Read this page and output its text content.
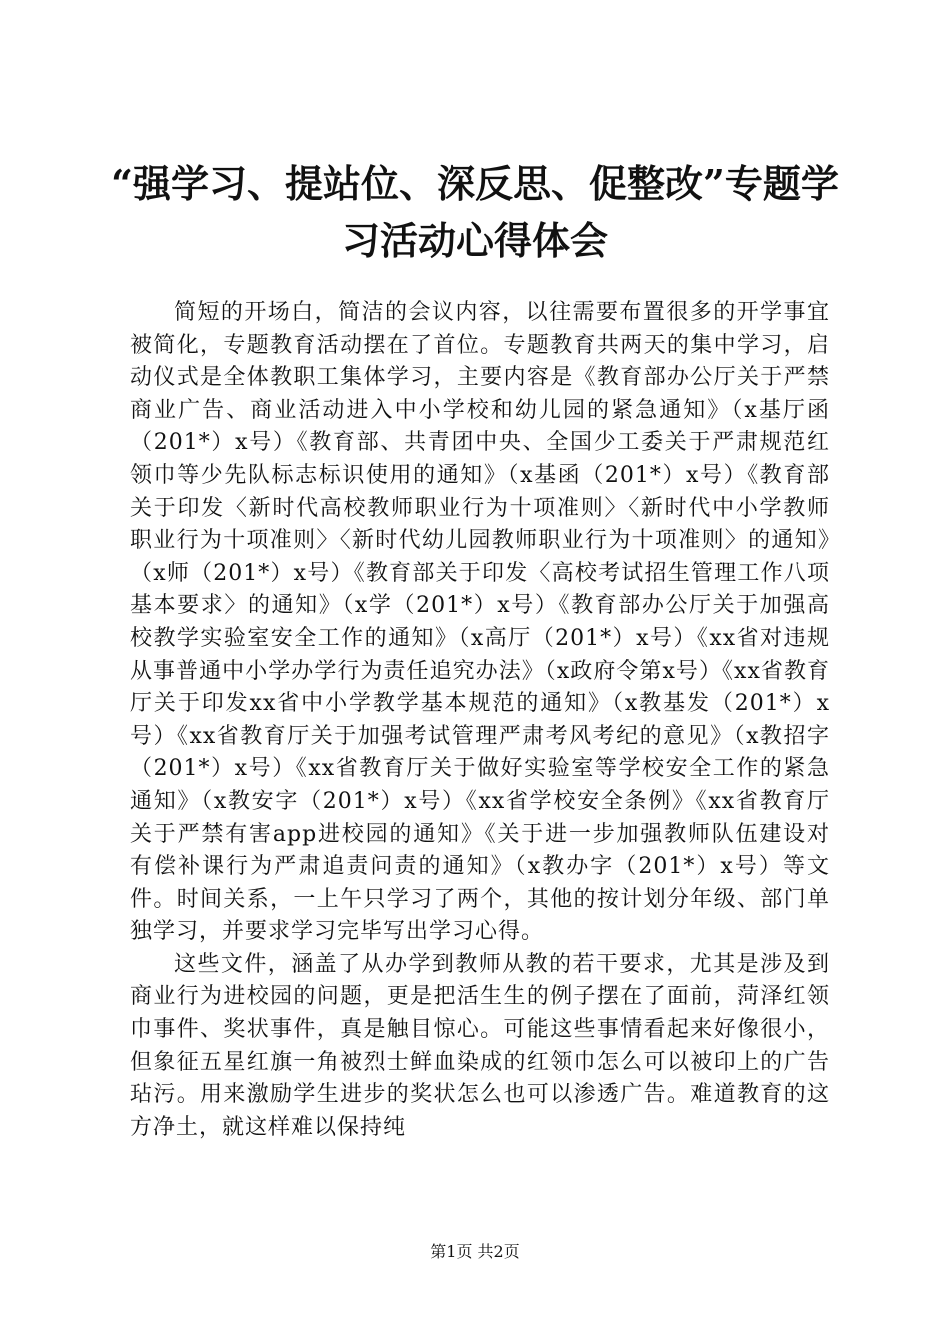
“强学习、提站位、深反思、促整改”专题学
习活动心得体会

简短的开场白，简洁的会议内容，以往需要布置很多的开学事宜被简化，专题教育活动摆在了首位。专题教育共两天的集中学习，启动仪式是全体教职工集体学习，主要内容是《教育部办公厅关于严禁商业广告、商业活动进入中小学校和幼儿园的紧急通知》（x基厅函（201*）x号）《教育部、共青团中央、全国少工委关于严肃规范红领巾等少先队标志标识使用的通知》（x基函（201*）x号）《教育部关于印发〈新时代高校教师职业行为十项准则〉〈新时代中小学教师职业行为十项准则〉〈新时代幼儿园教师职业行为十项准则〉的通知》（x师（201*）x号）《教育部关于印发〈高校考试招生管理工作八项基本要求〉的通知》（x学（201*）x号）《教育部办公厅关于加强高校教学实验室安全工作的通知》（x高厅（201*）x号）《xx省对违规从事普通中小学办学行为责任追究办法》（x政府令第x号）《xx省教育厅关于印发xx省中小学教学基本规范的通知》（x教基发（201*）x号）《xx省教育厅关于加强考试管理严肃考风考纪的意见》（x教招字（201*）x号）《xx省教育厅关于做好实验室等学校安全工作的紧急通知》（x教安字（201*）x号）《xx省学校安全条例》《xx省教育厅关于严禁有害app进校园的通知》《关于进一步加强教师队伍建设对有偿补课行为严肃追责问责的通知》（x教办字（201*）x号）等文件。时间关系，一上午只学习了两个，其他的按计划分年级、部门单独学习，并要求学习完毕写出学习心得。

这些文件，涵盖了从办学到教师从教的若干要求，尤其是涉及到商业行为进校园的问题，更是把活生生的例子摆在了面前，菏泽红领巾事件、奖状事件，真是触目惊心。可能这些事情看起来好像很小，但象征五星红旗一角被烈士鲜血染成的红领巾怎么可以被印上的广告玷污。用来激励学生进步的奖状怎么也可以渗透广告。难道教育的这方净土，就这样难以保持纯

第1页 共2页
